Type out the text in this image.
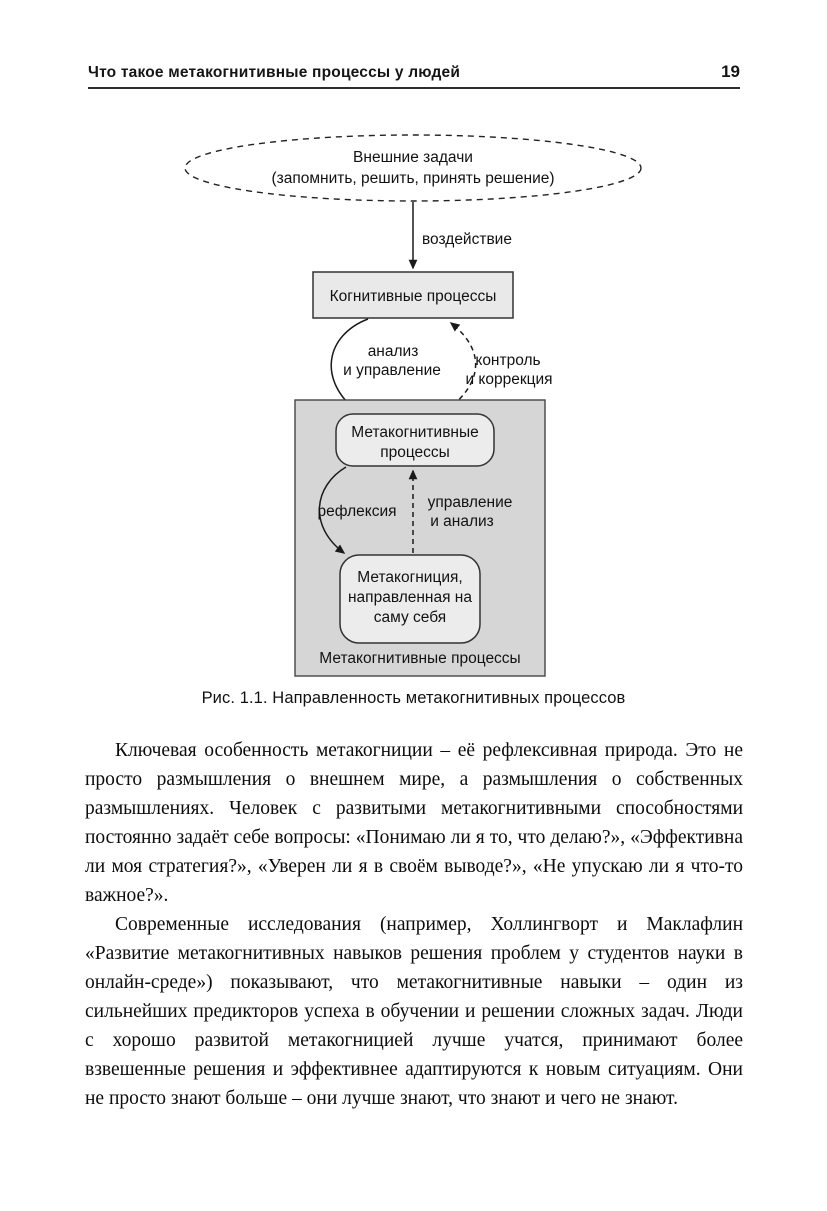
Что такое метакогнитивные процессы у людей	19
Внешние задачи
(запомнить, решить, принять решение)
воздействие
Когнитивные процессы
анализ
и управление
контроль
и коррекция
Метакогнитивные
процессы
рефлексия
управление
и анализ
Метакогниция,
направленная на
саму себя
Метакогнитивные процессы
Рис. 1.1. Направленность метакогнитивных процессов

Ключевая особенность метакогниции – её рефлексивная природа. Это не просто размышления о внешнем мире, а размышления о собственных размышлениях. Человек с развитыми метакогнитивными способностями постоянно задаёт себе вопросы: «Понимаю ли я то, что делаю?», «Эффективна ли моя стратегия?», «Уверен ли я в своём выводе?», «Не упускаю ли я что-то важное?».

Современные исследования (например, Холлингворт и Маклафлин «Развитие метакогнитивных навыков решения проблем у студентов науки в онлайн-среде») показывают, что метакогнитивные навыки – один из сильнейших предикторов успеха в обучении и решении сложных задач. Люди с хорошо развитой метакогницией лучше учатся, принимают более взвешенные решения и эффективнее адаптируются к новым ситуациям. Они не просто знают больше – они лучше знают, что знают и чего не знают.
